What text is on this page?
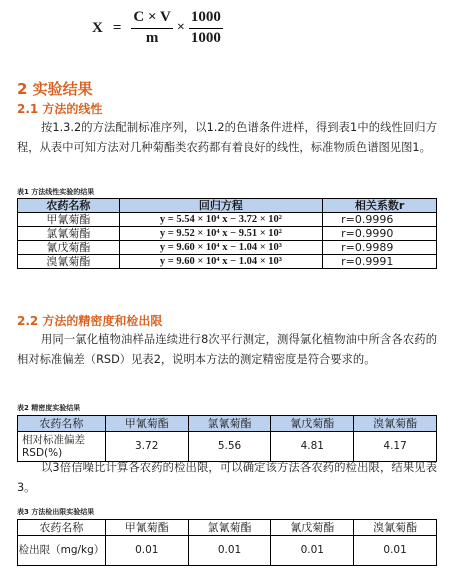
$X = \frac{C \times V}{m} \times \frac{1000}{1000}$
2 实验结果
2.1 方法的线性
按1.3.2的方法配制标准序列，以1.2的色谱条件进样，得到表1中的线性回归方程，从表中可知方法对几种菊酯类农药都有着良好的线性，标准物质色谱图见图1。
表1 方法线性实验的结果
农药名称	回归方程	相关系数r
甲氰菊酯	y = 5.54 × 10⁴ x − 3.72 × 10²	r=0.9996
氯氰菊酯	y = 9.52 × 10⁴ x − 9.51 × 10²	r=0.9990
氰戊菊酯	y = 9.60 × 10⁴ x − 1.04 × 10³	r=0.9989
溴氰菊酯	y = 9.60 × 10⁴ x − 1.04 × 10³	r=0.9991
2.2 方法的精密度和检出限
用同一氯化植物油样品连续进行8次平行测定，测得氯化植物油中所含各农药的相对标准偏差（RSD）见表2，说明本方法的测定精密度是符合要求的。
表2 精密度实验结果
农药名称	甲氰菊酯	氯氰菊酯	氰戊菊酯	溴氰菊酯
相对标准偏差RSD(%)	3.72	5.56	4.81	4.17
以3倍信噪比计算各农药的检出限，可以确定该方法各农药的检出限，结果见表3。
表3 方法检出限实验结果
农药名称	甲氰菊酯	氯氰菊酯	氰戊菊酯	溴氰菊酯
检出限（mg/kg）	0.01	0.01	0.01	0.01
